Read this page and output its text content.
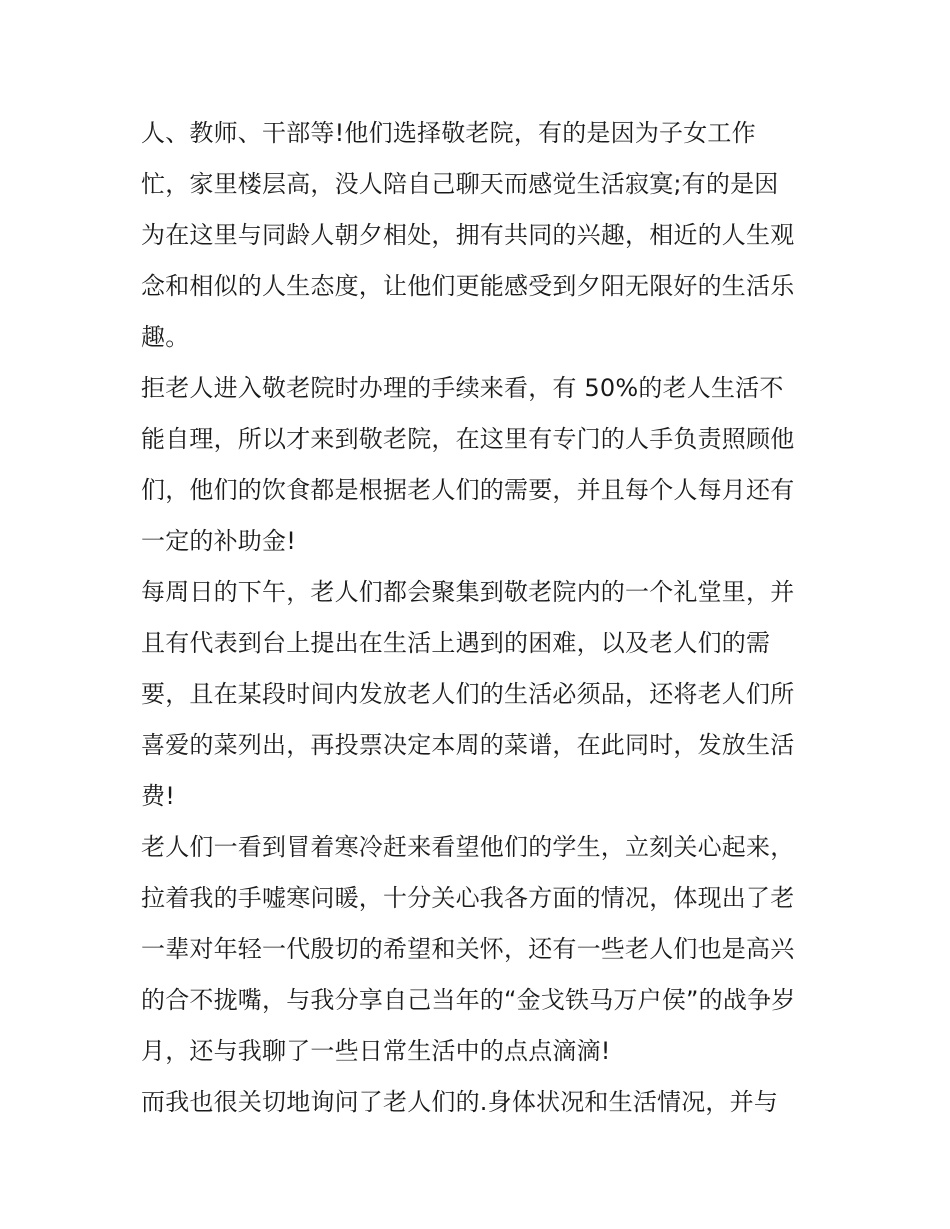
人、教师、干部等!他们选择敬老院，有的是因为子女工作
忙，家里楼层高，没人陪自己聊天而感觉生活寂寞;有的是因
为在这里与同龄人朝夕相处，拥有共同的兴趣，相近的人生观
念和相似的人生态度，让他们更能感受到夕阳无限好的生活乐
趣。
拒老人进入敬老院时办理的手续来看，有 50%的老人生活不
能自理，所以才来到敬老院，在这里有专门的人手负责照顾他
们，他们的饮食都是根据老人们的需要，并且每个人每月还有
一定的补助金!
每周日的下午，老人们都会聚集到敬老院内的一个礼堂里，并
且有代表到台上提出在生活上遇到的困难，以及老人们的需
要，且在某段时间内发放老人们的生活必须品，还将老人们所
喜爱的菜列出，再投票决定本周的菜谱，在此同时，发放生活
费!
老人们一看到冒着寒冷赶来看望他们的学生，立刻关心起来，
拉着我的手嘘寒问暖，十分关心我各方面的情况，体现出了老
一辈对年轻一代殷切的希望和关怀，还有一些老人们也是高兴
的合不拢嘴，与我分享自己当年的“金戈铁马万户侯”的战争岁
月，还与我聊了一些日常生活中的点点滴滴!
而我也很关切地询问了老人们的.身体状况和生活情况，并与
